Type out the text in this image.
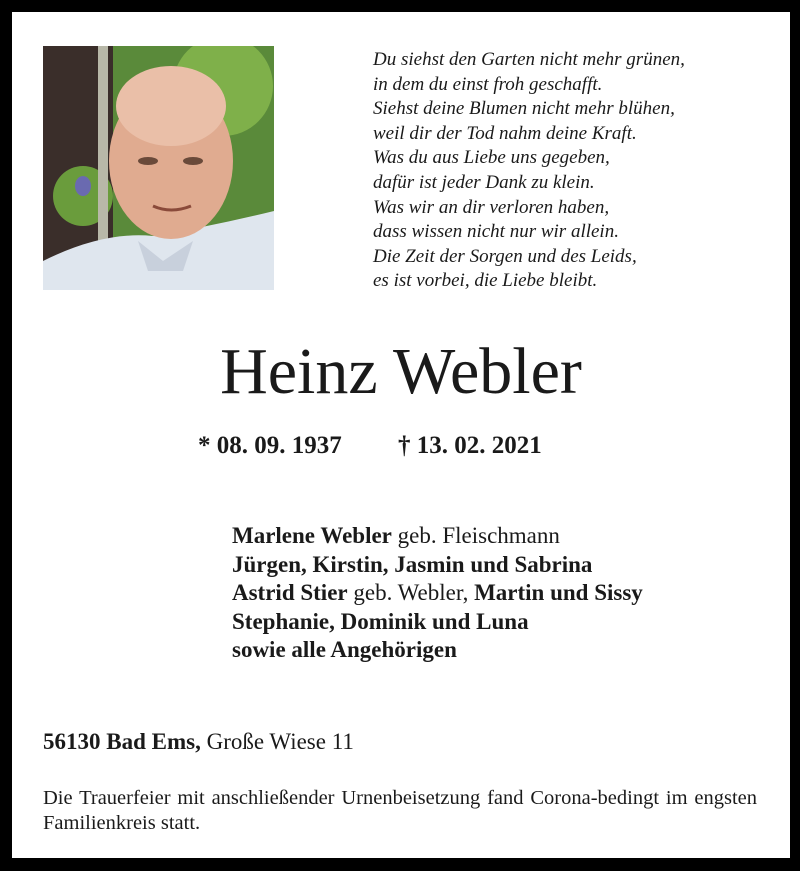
Du siehst den Garten nicht mehr grünen,
in dem du einst froh geschafft.
Siehst deine Blumen nicht mehr blühen,
weil dir der Tod nahm deine Kraft.
Was du aus Liebe uns gegeben,
dafür ist jeder Dank zu klein.
Was wir an dir verloren haben,
dass wissen nicht nur wir allein.
Die Zeit der Sorgen und des Leids,
es ist vorbei, die Liebe bleibt.
Heinz Webler
* 08. 09. 1937 † 13. 02. 2021
Marlene Webler geb. Fleischmann
Jürgen, Kirstin, Jasmin und Sabrina
Astrid Stier geb. Webler, Martin und Sissy
Stephanie, Dominik und Luna
sowie alle Angehörigen
56130 Bad Ems, Große Wiese 11
Die Trauerfeier mit anschließender Urnenbeisetzung fand Corona-bedingt im engsten Familienkreis statt.
